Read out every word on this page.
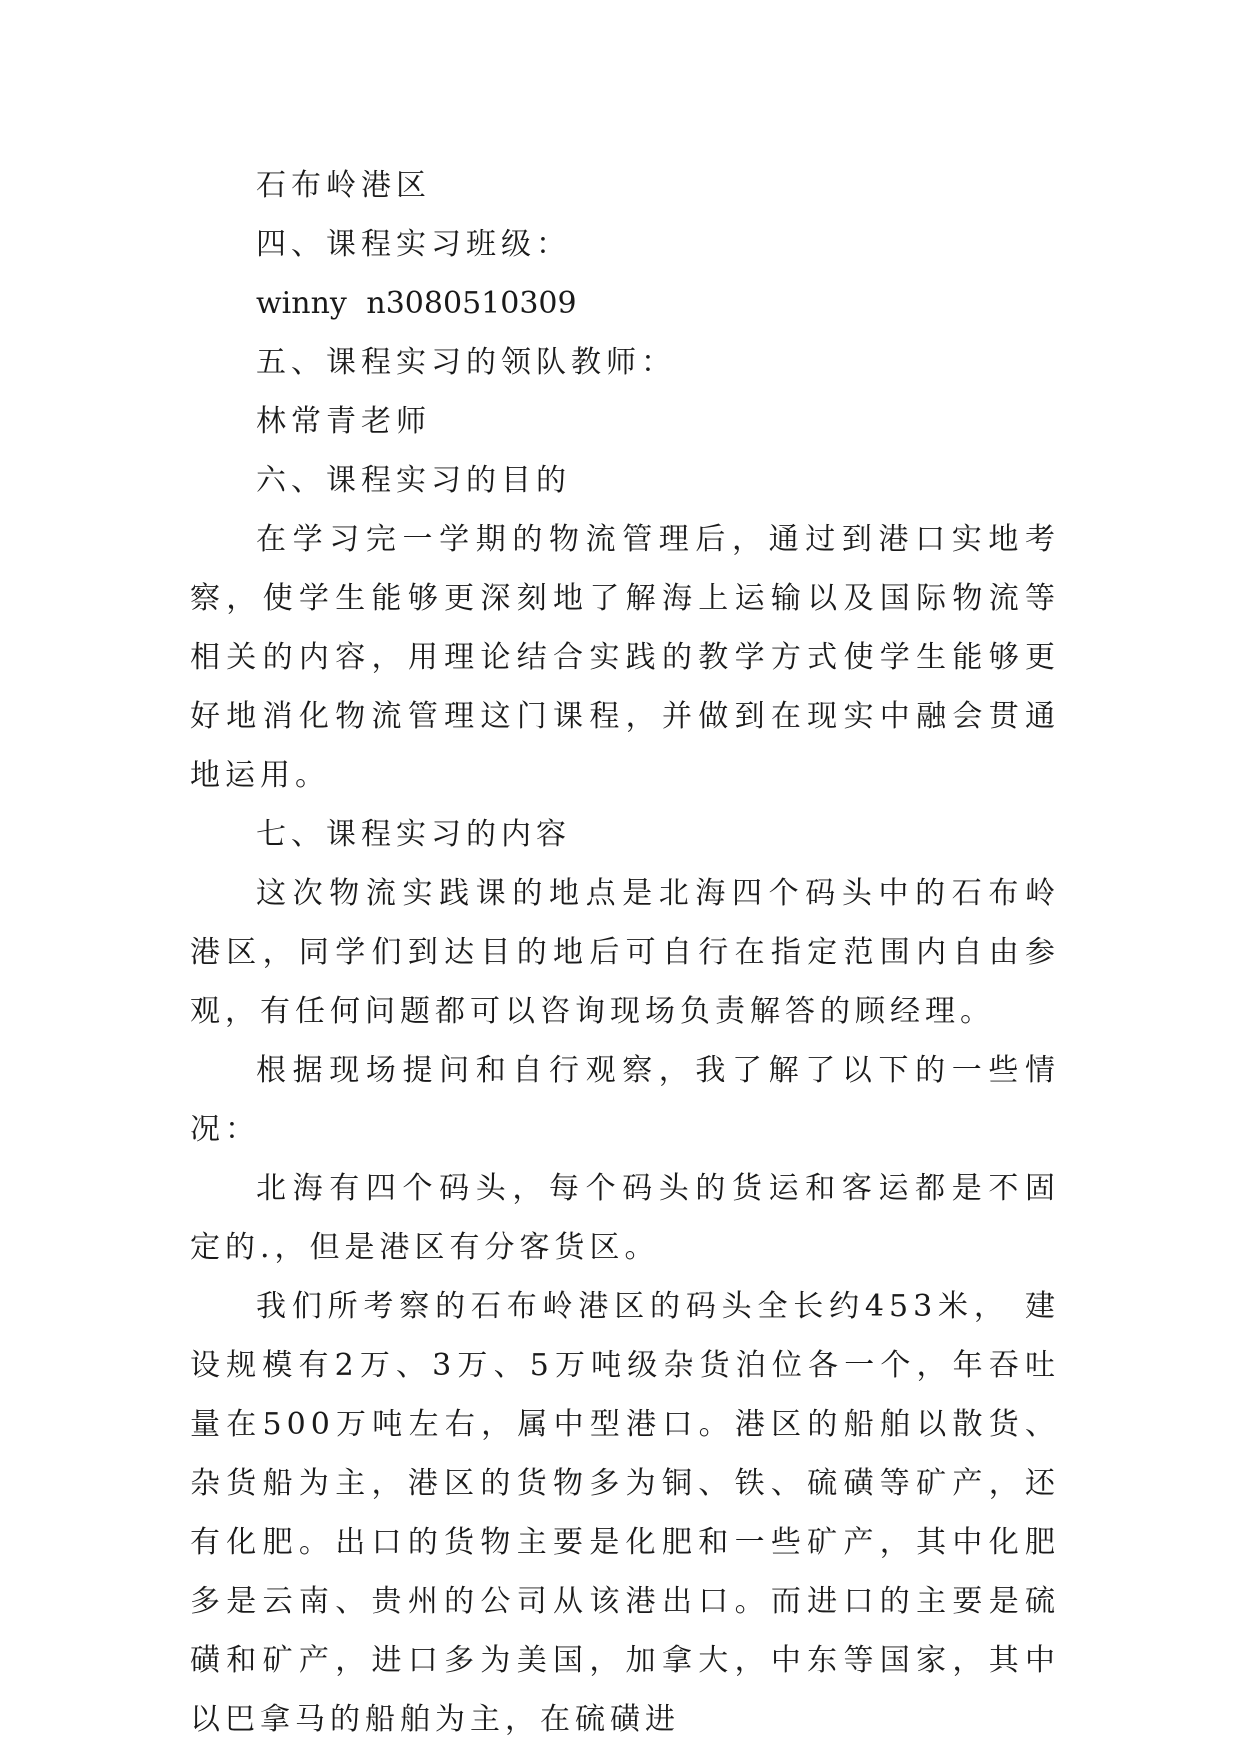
石布岭港区

四、课程实习班级：

winny n3080510309

五、课程实习的领队教师：

林常青老师

六、课程实习的目的

在学习完一学期的物流管理后，通过到港口实地考察，使学生能够更深刻地了解海上运输以及国际物流等相关的内容，用理论结合实践的教学方式使学生能够更好地消化物流管理这门课程，并做到在现实中融会贯通地运用。

七、课程实习的内容

这次物流实践课的地点是北海四个码头中的石布岭港区，同学们到达目的地后可自行在指定范围内自由参观，有任何问题都可以咨询现场负责解答的顾经理。

根据现场提问和自行观察，我了解了以下的一些情况：

北海有四个码头，每个码头的货运和客运都是不固定的.，但是港区有分客货区。

我们所考察的石布岭港区的码头全长约453米， 建设规模有2万、3万、5万吨级杂货泊位各一个，年吞吐量在500万吨左右，属中型港口。港区的船舶以散货、杂货船为主，港区的货物多为铜、铁、硫磺等矿产，还有化肥。出口的货物主要是化肥和一些矿产，其中化肥多是云南、贵州的公司从该港出口。而进口的主要是硫磺和矿产，进口多为美国，加拿大，中东等国家，其中以巴拿马的船舶为主，在硫磺进
